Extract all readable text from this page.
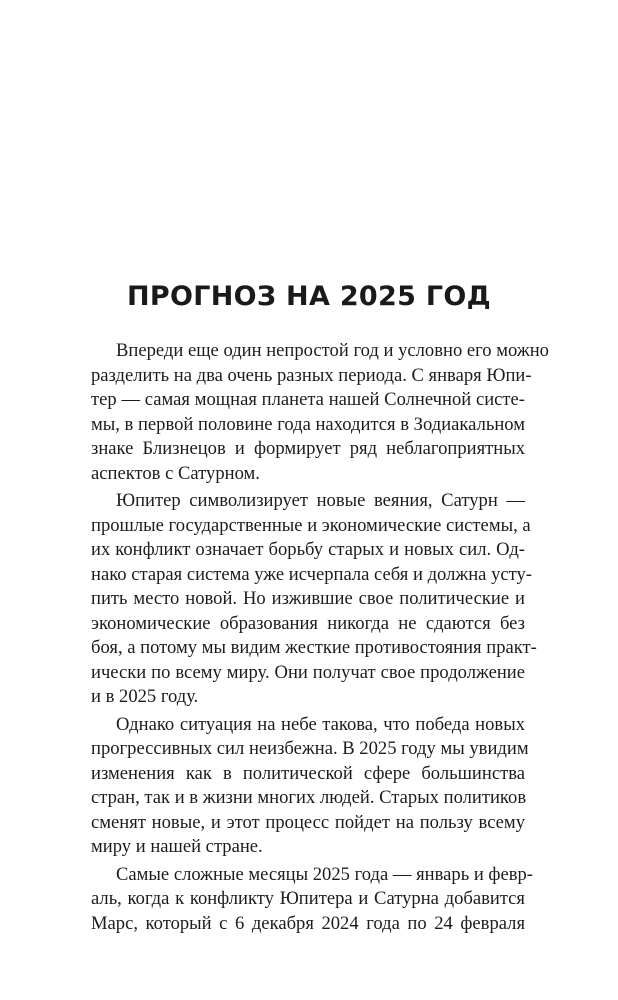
ПРОГНОЗ НА 2025 ГОД

Впереди еще один непростой год и условно его можно
разделить на два очень разных периода. С января Юпи-
тер — самая мощная планета нашей Солнечной систе-
мы, в первой половине года находится в Зодиакальном
знаке Близнецов и формирует ряд неблагоприятных
аспектов с Сатурном.

Юпитер символизирует новые веяния, Сатурн —
прошлые государственные и экономические системы, а
их конфликт означает борьбу старых и новых сил. Од-
нако старая система уже исчерпала себя и должна усту-
пить место новой. Но изжившие свое политические и
экономические образования никогда не сдаются без
боя, а потому мы видим жесткие противостояния практ-
ически по всему миру. Они получат свое продолжение
и в 2025 году.

Однако ситуация на небе такова, что победа новых
прогрессивных сил неизбежна. В 2025 году мы увидим
изменения как в политической сфере большинства
стран, так и в жизни многих людей. Старых политиков
сменят новые, и этот процесс пойдет на пользу всему
миру и нашей стране.

Самые сложные месяцы 2025 года — январь и февр-
аль, когда к конфликту Юпитера и Сатурна добавится
Марс, который с 6 декабря 2024 года по 24 февраля
